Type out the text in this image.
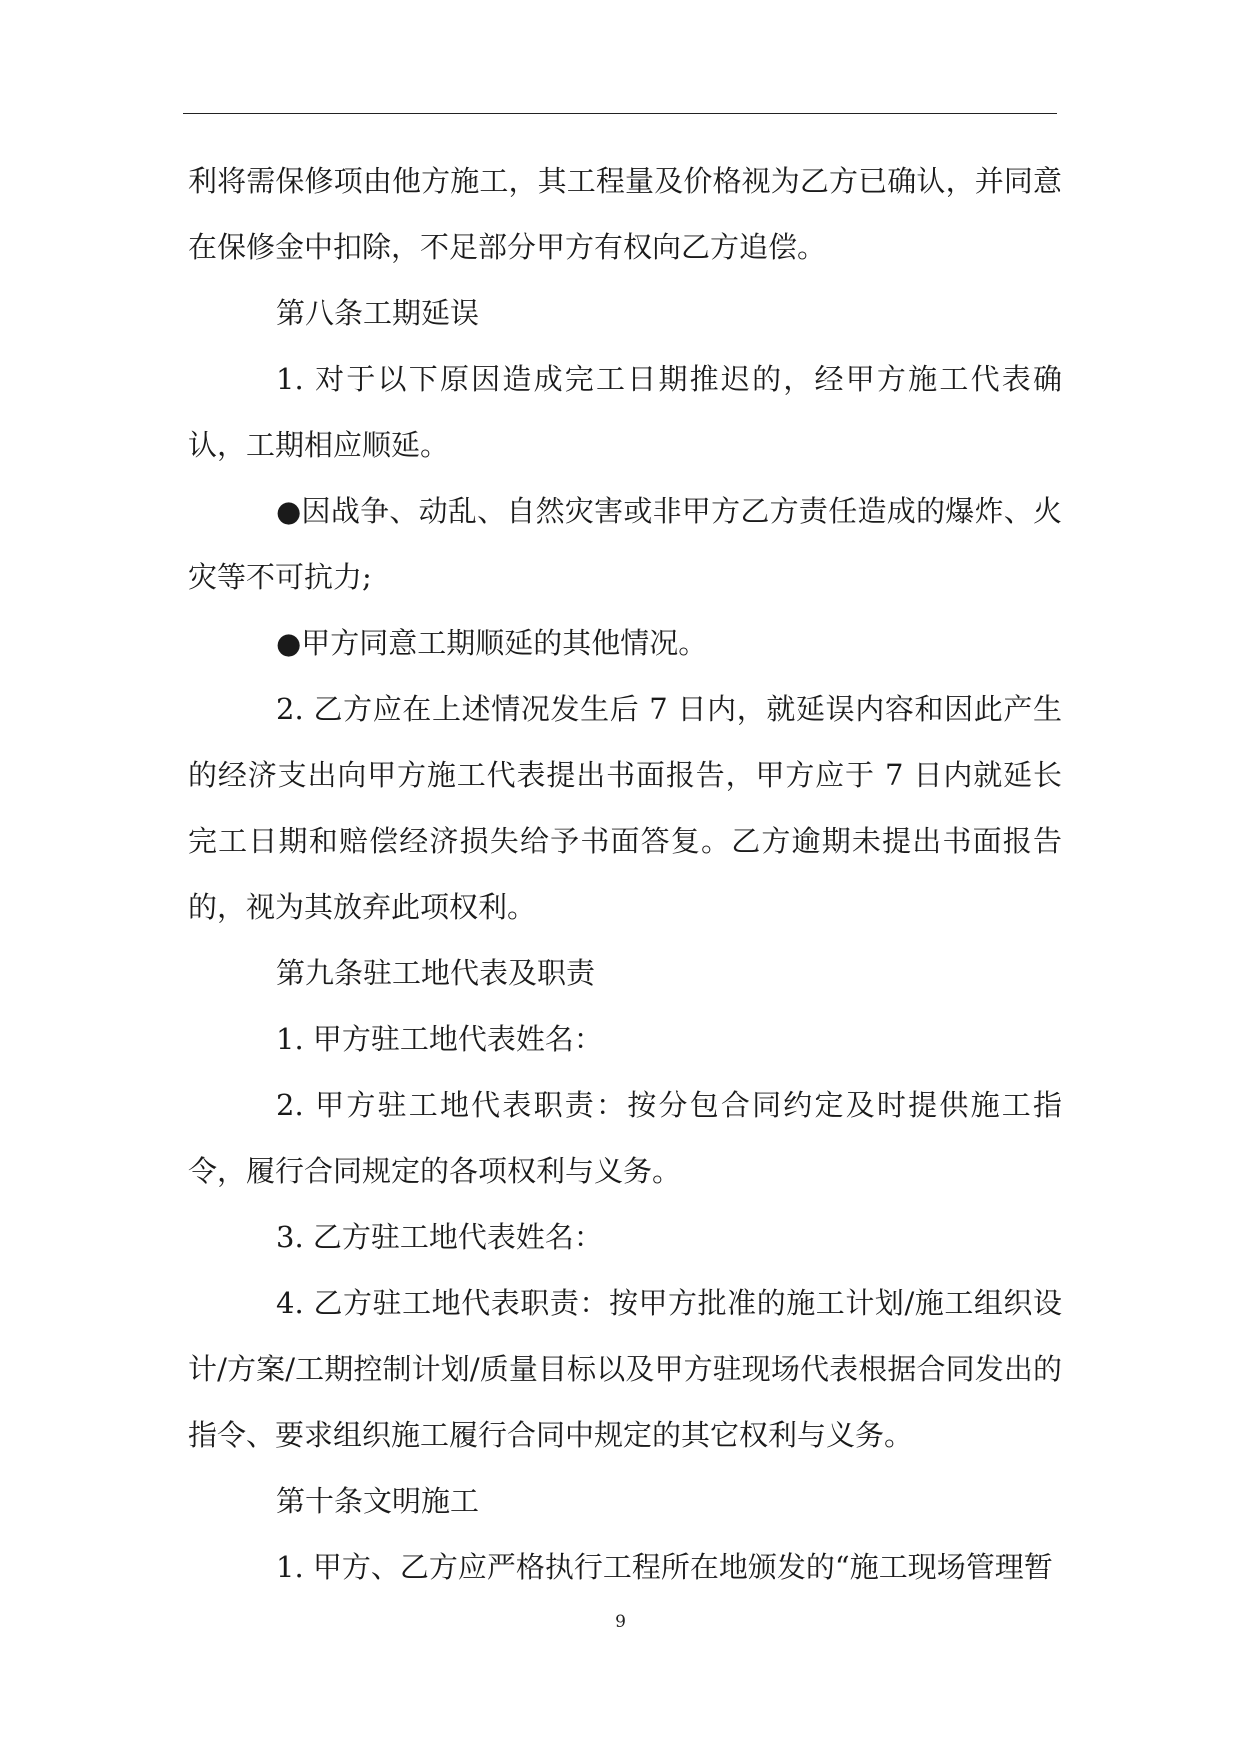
利将需保修项由他方施工，其工程量及价格视为乙方已确认，并同意在保修金中扣除，不足部分甲方有权向乙方追偿。

第八条工期延误

1. 对于以下原因造成完工日期推迟的，经甲方施工代表确认，工期相应顺延。

●因战争、动乱、自然灾害或非甲方乙方责任造成的爆炸、火灾等不可抗力;

●甲方同意工期顺延的其他情况。

2. 乙方应在上述情况发生后 7 日内，就延误内容和因此产生的经济支出向甲方施工代表提出书面报告，甲方应于 7 日内就延长完工日期和赔偿经济损失给予书面答复。乙方逾期未提出书面报告的，视为其放弃此项权利。

第九条驻工地代表及职责

1. 甲方驻工地代表姓名：

2. 甲方驻工地代表职责：按分包合同约定及时提供施工指令，履行合同规定的各项权利与义务。

3. 乙方驻工地代表姓名：

4. 乙方驻工地代表职责：按甲方批准的施工计划/施工组织设计/方案/工期控制计划/质量目标以及甲方驻现场代表根据合同发出的指令、要求组织施工履行合同中规定的其它权利与义务。

第十条文明施工

1. 甲方、乙方应严格执行工程所在地颁发的“施工现场管理暂

9
